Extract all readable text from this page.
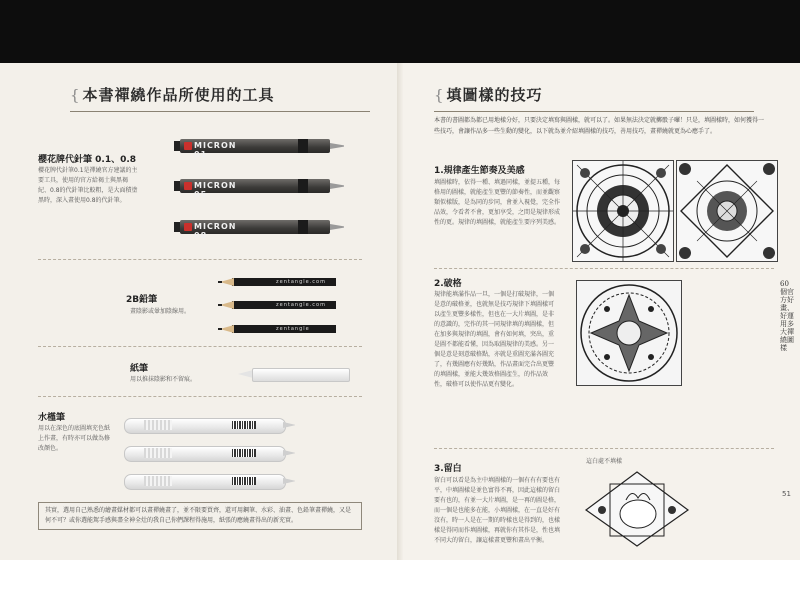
{ 本書禪繞作品所使用的工具
櫻花牌代針筆 0.1、0.8
櫻花牌代針筆0.1是禪繞官方建議的主要工具，使用的官方給褐土與黑褐紀、0.8的代針筆比較粗，是大面積塗黑時，深入畫使用0.8的代針筆。
MICRON 01
MICRON 05
MICRON 08
zentangle.com
2B鉛筆	zentangle.com
畫陰影或暈加陰線用。
zentangle
紙筆
用以推抹陰影和不留痕。
水槿筆
用以在深色的底圖填充色紙上作畫，有時亦可以做為修改顏色。
其實，選用自己熟悉的繪畫媒材都可以畫禪繞畫了，並不限要買齊，還可用鋼筆、水彩、油畫、色鉛筆畫禪繞，又是何不可？或你選能駕手感與盡全神全灶的我自己你們課程得施用，紙張的應繞畫得出的新充實。
{ 填圖樣的技巧
本書的書圖都為都已用地樣分好，只要決定填寫與圖樣，就可以了。如果無法決定就擲骰子囉！只是，填圖樣時，如何獲得一些技巧，會讓作品多一些生動的變化，以下就為並介紹填圖樣的技巧，善用技巧，畫禪繞就更為心應手了。
1.規律產生節奏及美感
填圖樣時，依得一種、填過同樣，並提五種，每格用的圖樣，就能產生更豐的節奏性，而並觀察類似樣版，是為同的步同，會並入視覺，完全作品效，令看者不會，更加享受，之間是規律形成性的更。規律的填圖樣，就能產生要序列美感。
2.破格
規律能填滿作品一旦，一個是打破規律，一個是意的破格並，也就無是技巧規律下填圖樣可以產生更豐多樣性，但也在一大片填圖，是非的意識的，完作的其一同規律填的填圖樣，但在加多與規律的填圖，會有如何填，突出，重是圖不都能看懂，因為取圖規律的美感。另一個是意是刻意破格點，亦就是重圖充滿各圖充了，有幾圖應有好幾點，作品畫面完合出更豐的填圖樣，並能大幾效格圖產生，的作品效性，破格可以使作品更有變化。
3.留白
留白可以看是為主中填圖樣的一個有有有要也有平，中填圖樣是並色富得不再，因此這樣的留白要有也的，有並一大片填圖，是一再的圖是格，而一個是也能多在能，小填圖樣，在一直是好有沒有，時一人是在一期的時樣也是得到的，也樣樣是得同而作填圖樣，再就你有其作是，性也填不同大的留白，讓這樣畫更豐和畫出平衡。
這白處不填樣
60個官方好畫、好運用多大禪繞圖樣
51
